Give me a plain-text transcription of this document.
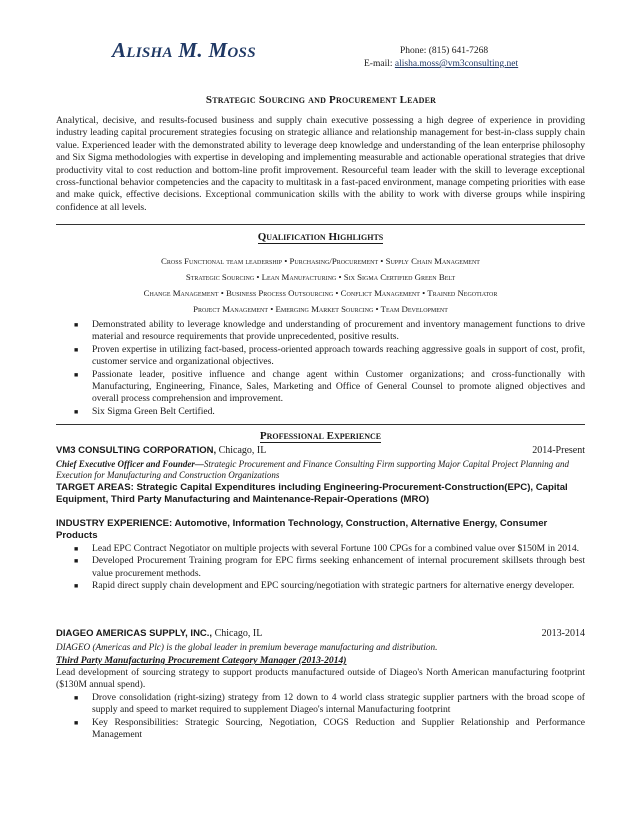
Alisha M. Moss	Phone: (815) 641-7268
E-mail: alisha.moss@vm3consulting.net
Strategic Sourcing and Procurement Leader

Analytical, decisive, and results-focused business and supply chain executive possessing a high degree of experience in providing industry leading capital procurement strategies focusing on strategic alliance and relationship management for best-in-class supply chain value. Experienced leader with the demonstrated ability to leverage deep knowledge and understanding of the lean enterprise philosophy and Six Sigma methodologies with expertise in developing and implementing measurable and actionable operational strategies that drive productivity vital to cost reduction and bottom-line profit improvement. Resourceful team leader with the skill to leverage exceptional cross-functional behavior competencies and the capacity to multitask in a fast-paced environment, manage competing priorities with ease and make quick, effective decisions. Exceptional communication skills with the ability to work with diverse groups while inspiring confidence at all levels.

Qualification Highlights
Cross Functional team leadership • Purchasing/Procurement • Supply Chain Management
Strategic Sourcing • Lean Manufacturing • Six Sigma Certified Green Belt
Change Management • Business Process Outsourcing • Conflict Management • Trained Negotiator
Project Management • Emerging Market Sourcing • Team Development
■ Demonstrated ability to leverage knowledge and understanding of procurement and inventory management functions to drive material and resource requirements that provide unprecedented, positive results.
■ Proven expertise in utilizing fact-based, process-oriented approach towards reaching aggressive goals in support of cost, profit, customer service and organizational objectives.
■ Passionate leader, positive influence and change agent within Customer organizations; and cross-functionally with Manufacturing, Engineering, Finance, Sales, Marketing and Office of General Counsel to promote aligned objectives and overall process comprehension and improvement.
■ Six Sigma Green Belt Certified.
Professional Experience
VM3 CONSULTING CORPORATION, Chicago, IL	2014-Present
Chief Executive Officer and Founder—Strategic Procurement and Finance Consulting Firm supporting Major Capital Project Planning and Execution for Manufacturing and Construction Organizations
TARGET AREAS: Strategic Capital Expenditures including Engineering-Procurement-Construction(EPC), Capital Equipment, Third Party Manufacturing and Maintenance-Repair-Operations (MRO)
INDUSTRY EXPERIENCE: Automotive, Information Technology, Construction, Alternative Energy, Consumer Products
■ Lead EPC Contract Negotiator on multiple projects with several Fortune 100 CPGs for a combined value over $150M in 2014.
■ Developed Procurement Training program for EPC firms seeking enhancement of internal procurement skillsets through best value procurement methods.
■ Rapid direct supply chain development and EPC sourcing/negotiation with strategic partners for alternative energy developer.
DIAGEO AMERICAS SUPPLY, INC., Chicago, IL	2013-2014
DIAGEO (Americas and Plc) is the global leader in premium beverage manufacturing and distribution.
Third Party Manufacturing Procurement Category Manager (2013-2014)
Lead development of sourcing strategy to support products manufactured outside of Diageo's North American manufacturing footprint ($130M annual spend).
■ Drove consolidation (right-sizing) strategy from 12 down to 4 world class strategic supplier partners with the broad scope of supply and speed to market required to supplement Diageo's internal Manufacturing footprint
■ Key Responsibilities: Strategic Sourcing, Negotiation, COGS Reduction and Supplier Relationship and Performance Management
